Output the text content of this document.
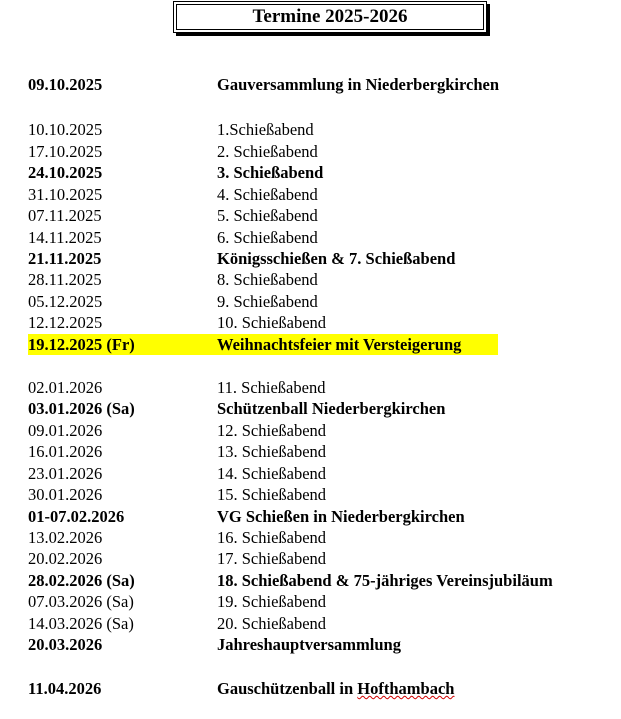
Termine 2025-2026
09.10.2025	Gauversammlung in Niederbergkirchen
10.10.2025	1.Schießabend
17.10.2025	2. Schießabend
24.10.2025	3. Schießabend
31.10.2025	4. Schießabend
07.11.2025	5. Schießabend
14.11.2025	6. Schießabend
21.11.2025	Königsschießen & 7. Schießabend
28.11.2025	8. Schießabend
05.12.2025	9. Schießabend
12.12.2025	10. Schießabend
19.12.2025 (Fr)	Weihnachtsfeier mit Versteigerung
02.01.2026	11. Schießabend
03.01.2026 (Sa)	Schützenball Niederbergkirchen
09.01.2026	12. Schießabend
16.01.2026	13. Schießabend
23.01.2026	14. Schießabend
30.01.2026	15. Schießabend
01-07.02.2026	VG Schießen in Niederbergkirchen
13.02.2026	16. Schießabend
20.02.2026	17. Schießabend
28.02.2026 (Sa)	18. Schießabend & 75-jähriges Vereinsjubiläum
07.03.2026 (Sa)	19. Schießabend
14.03.2026 (Sa)	20. Schießabend
20.03.2026	Jahreshauptversammlung
11.04.2026	Gauschützenball in Hofthambach
